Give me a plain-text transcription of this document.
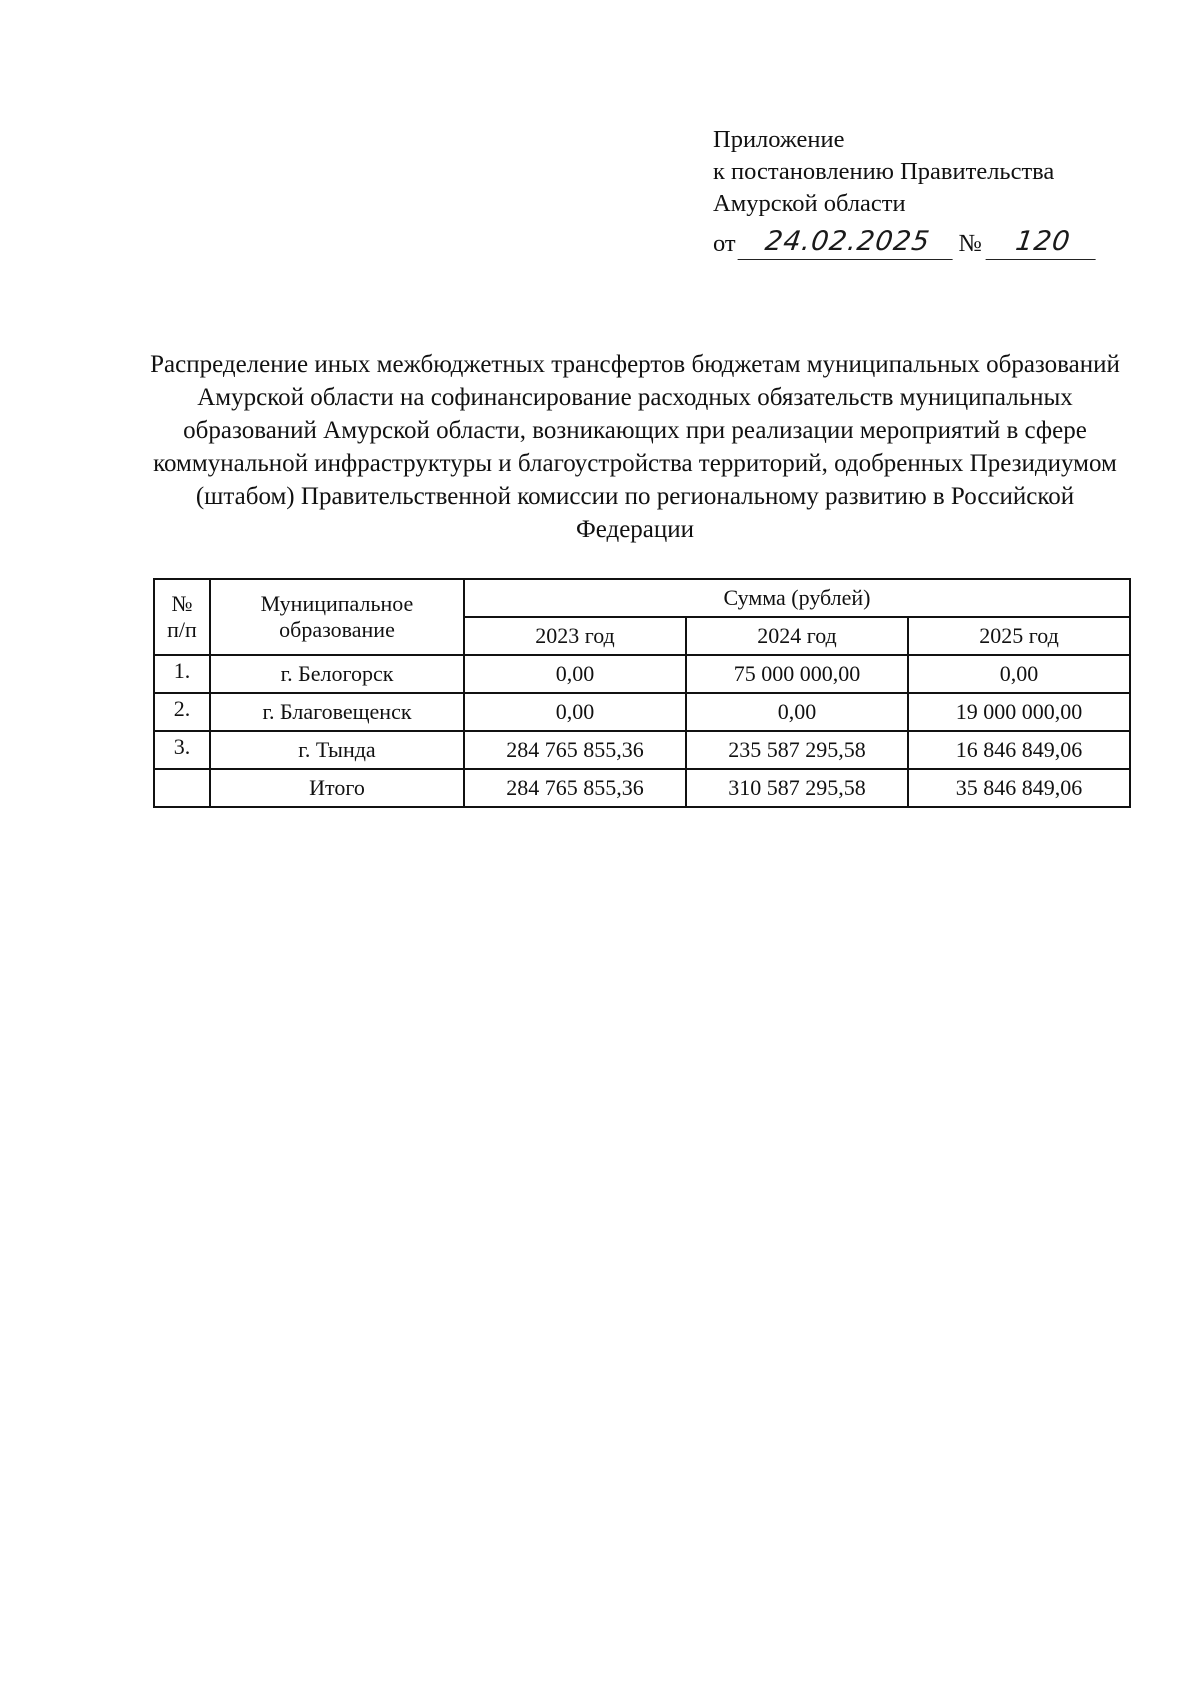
Приложение
к постановлению Правительства
Амурской области
от	24.02.2025	№	120
Распределение иных межбюджетных трансфертов бюджетам муниципальных образований Амурской области на софинансирование расходных обязательств муниципальных образований Амурской области, возникающих при реализации мероприятий в сфере коммунальной инфраструктуры и благоустройства территорий, одобренных Президиумом (штабом) Правительственной комиссии по региональному развитию в Российской Федерации
№ п/п	Муниципальное образование	Сумма (рублей)		
		2023 год	2024 год	2025 год
1.	г. Белогорск	0,00	75 000 000,00	0,00
2.	г. Благовещенск	0,00	0,00	19 000 000,00
3.	г. Тында	284 765 855,36	235 587 295,58	16 846 849,06
	Итого	284 765 855,36	310 587 295,58	35 846 849,06
